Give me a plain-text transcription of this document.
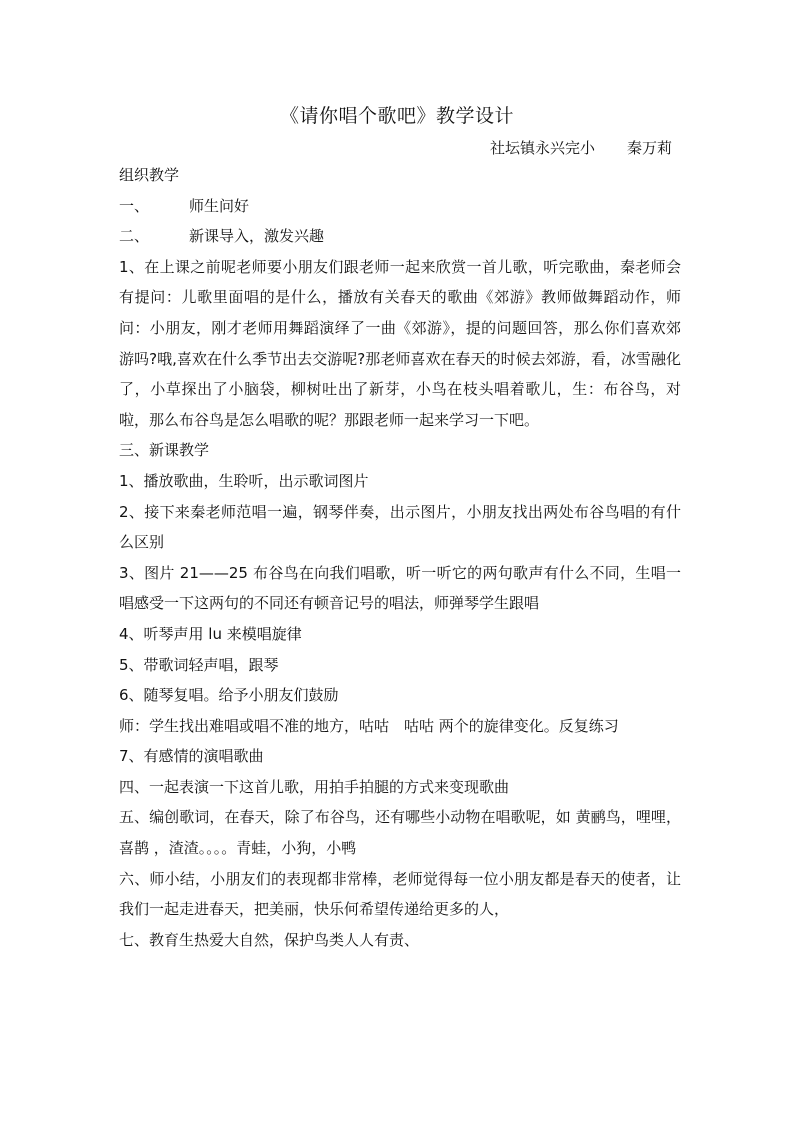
《请你唱个歌吧》教学设计
社坛镇永兴完小 秦万莉

组织教学

一、	师生问好

二、	新课导入，激发兴趣

1、在上课之前呢老师要小朋友们跟老师一起来欣赏一首儿歌，听完歌曲，秦老师会有提问：儿歌里面唱的是什么，播放有关春天的歌曲《郊游》教师做舞蹈动作，师问：小朋友，刚才老师用舞蹈演绎了一曲《郊游》，提的问题回答，那么你们喜欢郊游吗?哦,喜欢在什么季节出去交游呢?那老师喜欢在春天的时候去郊游，看，冰雪融化了，小草探出了小脑袋，柳树吐出了新芽，小鸟在枝头唱着歌儿，生：布谷鸟，对啦，那么布谷鸟是怎么唱歌的呢？那跟老师一起来学习一下吧。

三、新课教学

1、播放歌曲，生聆听，出示歌词图片

2、接下来秦老师范唱一遍，钢琴伴奏，出示图片，小朋友找出两处布谷鸟唱的有什么区别

3、图片 21——25 布谷鸟在向我们唱歌，听一听它的两句歌声有什么不同，生唱一唱感受一下这两句的不同还有顿音记号的唱法，师弹琴学生跟唱

4、听琴声用 lu 来模唱旋律

5、带歌词轻声唱，跟琴

6、随琴复唱。给予小朋友们鼓励

师：学生找出难唱或唱不准的地方，咕咕　咕咕 两个的旋律变化。反复练习

7、有感情的演唱歌曲

四、一起表演一下这首儿歌，用拍手拍腿的方式来变现歌曲

五、编创歌词，在春天，除了布谷鸟，还有哪些小动物在唱歌呢，如 黄鹂鸟，哩哩，喜鹊 ，渣渣。。。。青蛙，小狗，小鸭

六、师小结，小朋友们的表现都非常棒，老师觉得每一位小朋友都是春天的使者，让我们一起走进春天，把美丽，快乐何希望传递给更多的人，

七、教育生热爱大自然，保护鸟类人人有责、
